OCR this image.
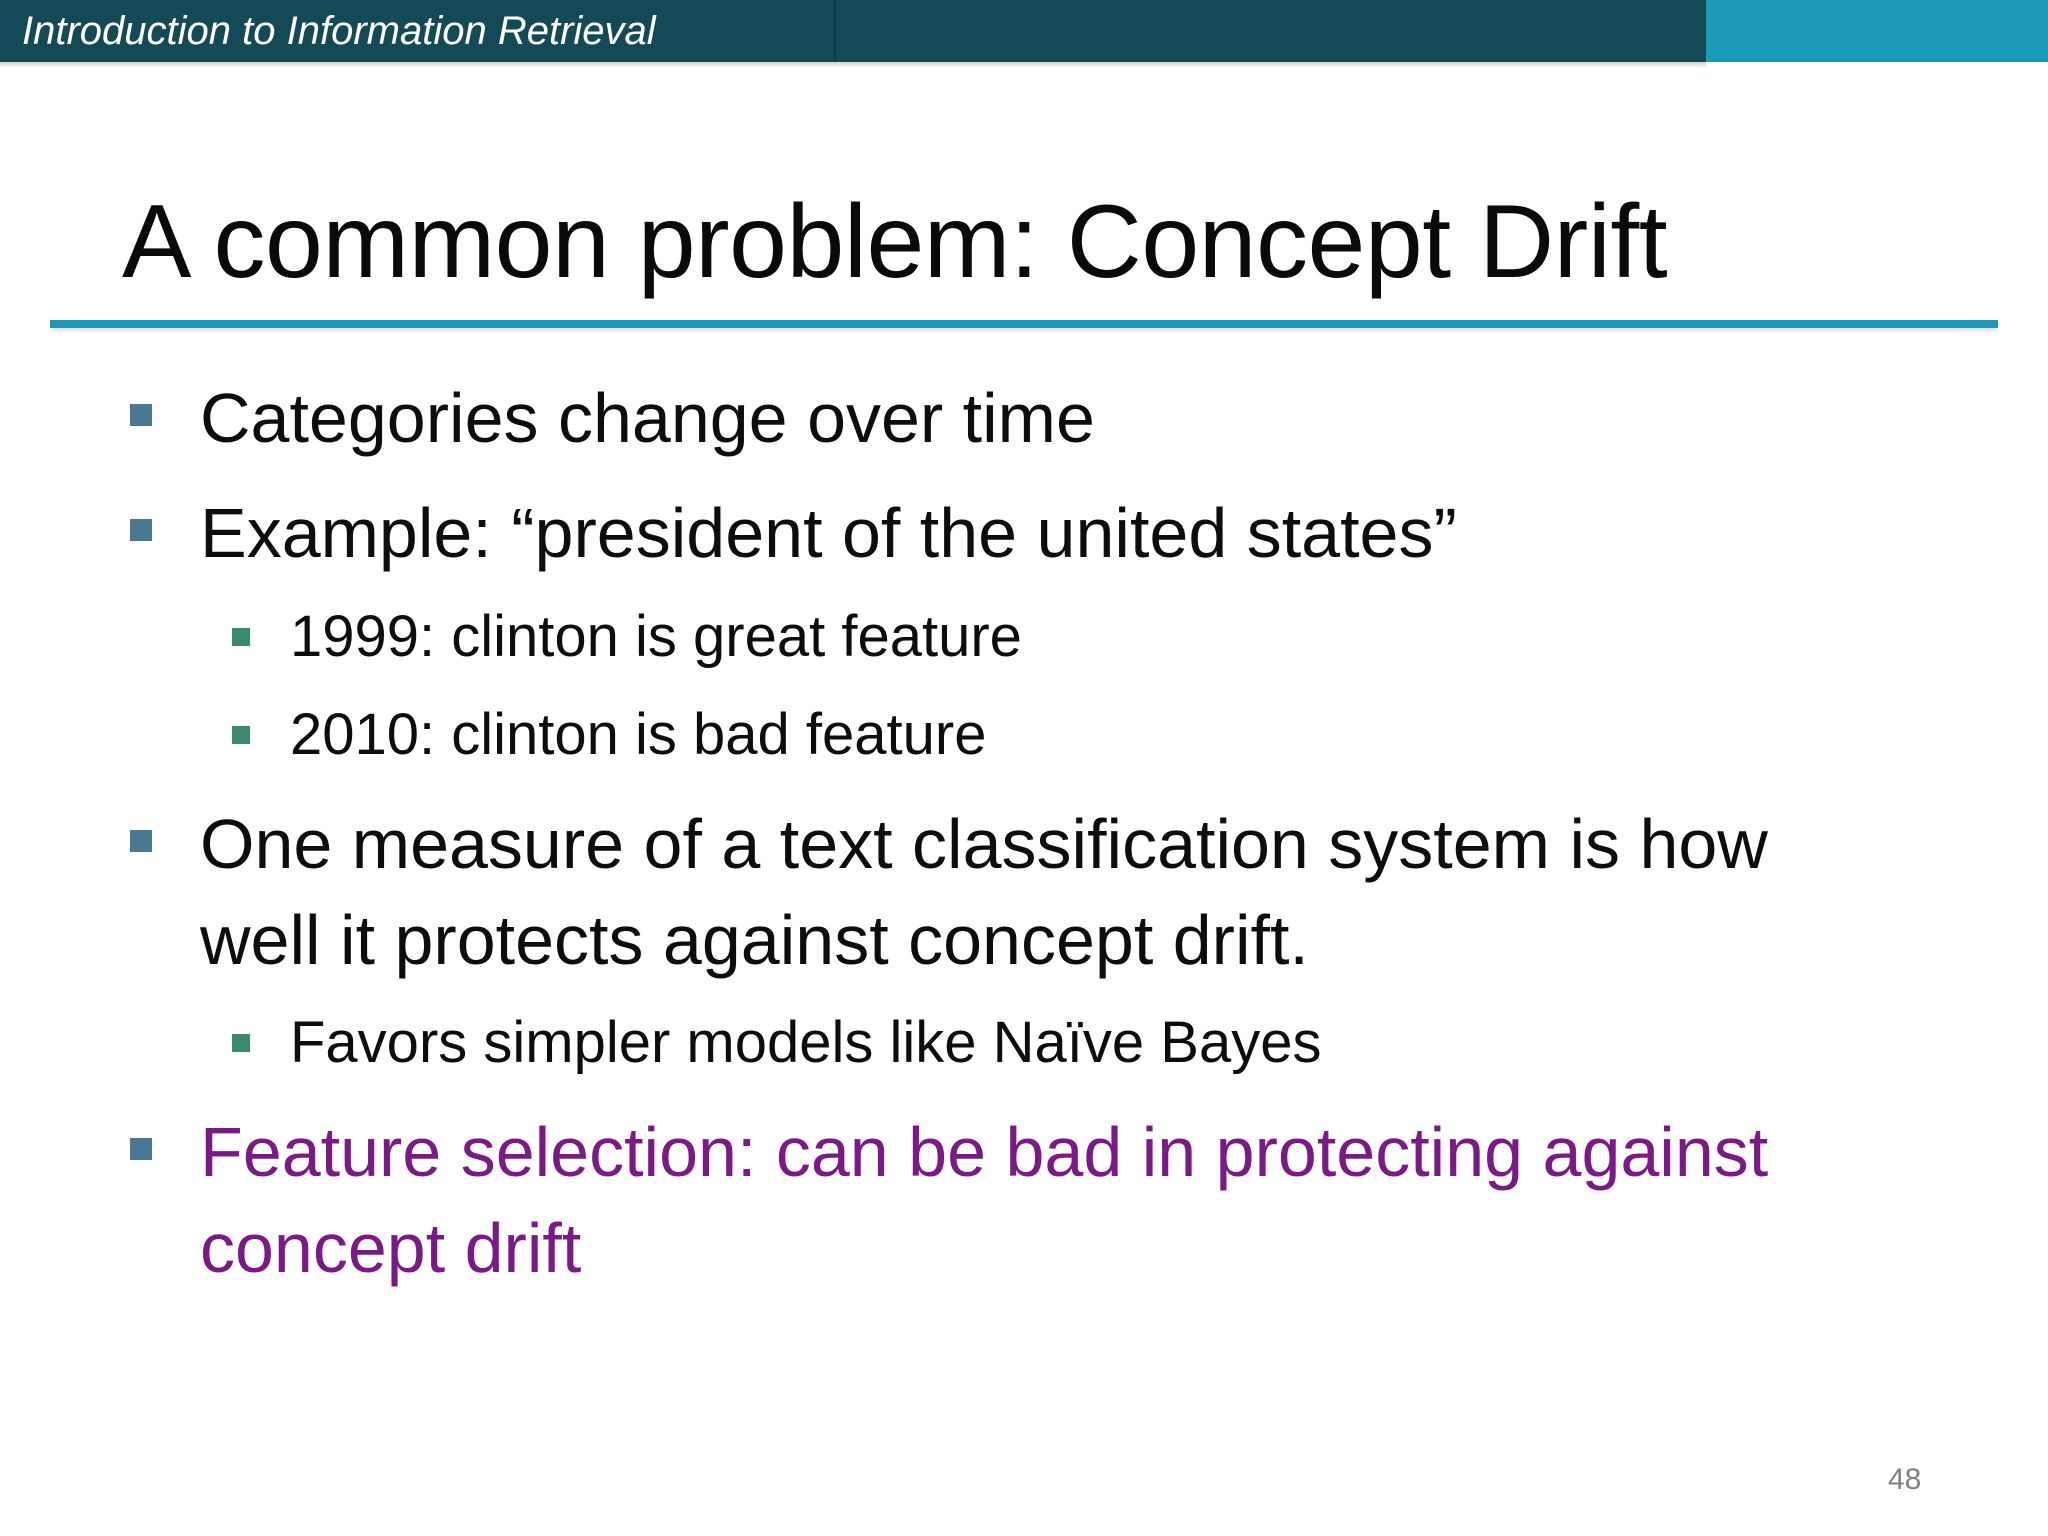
Introduction to Information Retrieval
A common problem: Concept Drift
Categories change over time
Example: “president of the united states”
1999: clinton is great feature
2010: clinton is bad feature
One measure of a text classification system is how
well it protects against concept drift.
Favors simpler models like Naïve Bayes
Feature selection: can be bad in protecting against
concept drift
48
